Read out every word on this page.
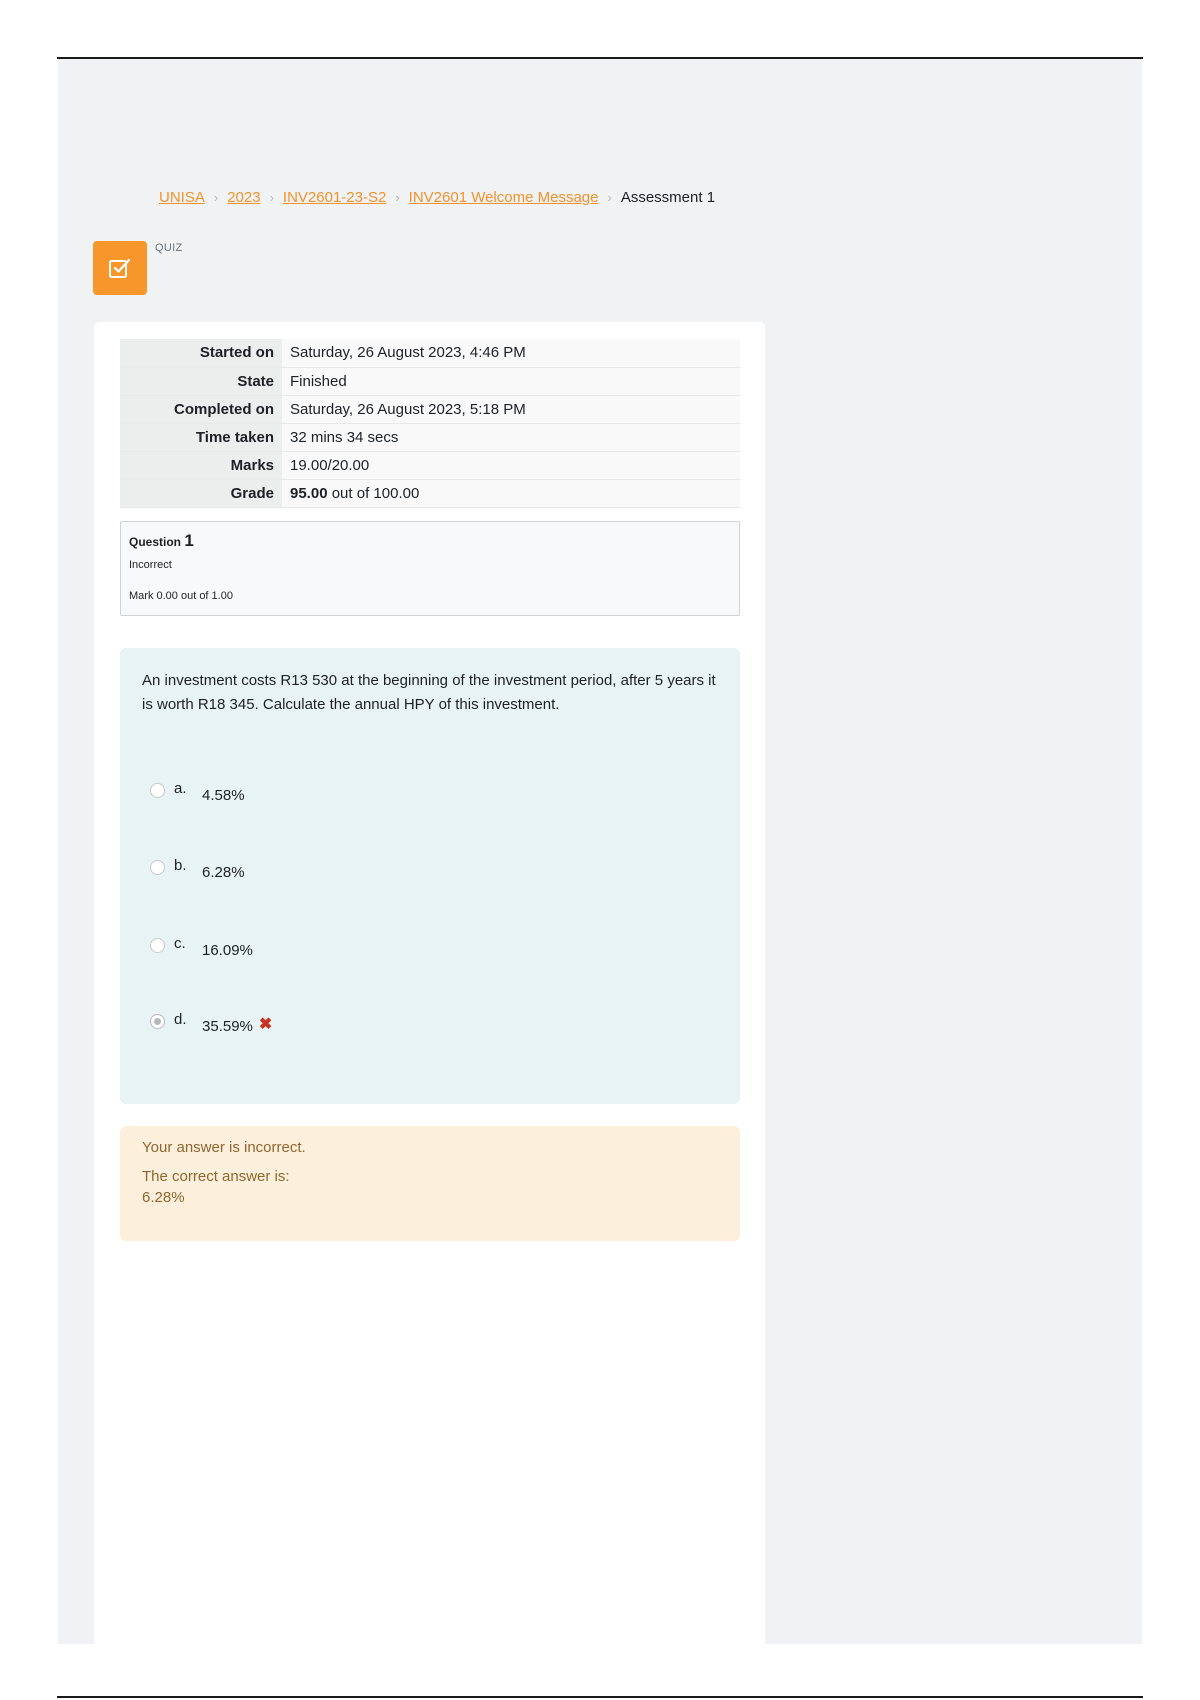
UNISA › 2023 › INV2601-23-S2 › INV2601 Welcome Message › Assessment 1
QUIZ
Started on	Saturday, 26 August 2023, 4:46 PM
State	Finished
Completed on	Saturday, 26 August 2023, 5:18 PM
Time taken	32 mins 34 secs
Marks	19.00/20.00
Grade	95.00 out of 100.00
Question 1
Incorrect
Mark 0.00 out of 1.00
An investment costs R13 530 at the beginning of the investment period, after 5 years it is worth R18 345. Calculate the annual HPY of this investment.
a.	4.58%
b.	6.28%
c.	16.09%
d.	35.59% ✖
Your answer is incorrect.
The correct answer is:
6.28%
